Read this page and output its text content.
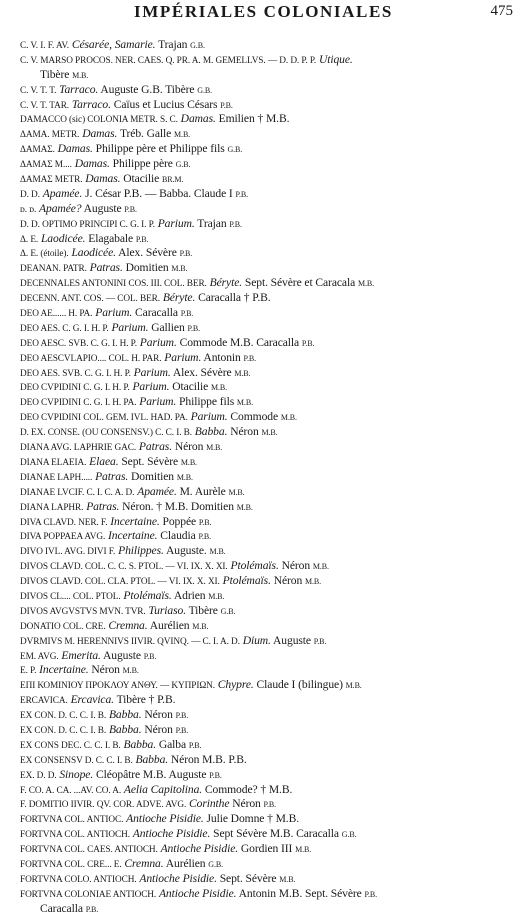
IMPÉRIALES COLONIALES	475
C. V. I. F. AV. Césarée, Samarie. Trajan G.B.
C. V. MARSO PROCOS. NER. CAES. Q. PR. A. M. GEMELLVS. — D. D. P. P. Utique.
Tibère M.B.
C. V. T. T. Tarraco. Auguste G.B. Tibère G.B.
C. V. T. TAR. Tarraco. Caïus et Lucius Césars P.B.
DAMACCO (sic) COLONIA METR. S. C. Damas. Emilien † M.B.
ΔΑΜΑ. METR. Damas. Tréb. Galle M.B.
ΔΑΜΑΣ. Damas. Philippe père et Philippe fils G.B.
ΔΑΜΑΣ M.... Damas. Philippe père G.B.
ΔΑΜΑΣ METR. Damas. Otacilie BR.M.
D. D. Apamée. J. César P.B. — Babba. Claude I P.B.
ᴅ. ᴅ. Apamée? Auguste P.B.
D. D. OPTIMO PRINCIPI C. G. I. P. Parium. Trajan P.B.
Δ. E. Laodicée. Elagabale P.B.
Δ. E. (étoile). Laodicée. Alex. Sévère P.B.
DEANAN. PATR. Patras. Domitien M.B.
DECENNALES ANTONINI COS. III. COL. BER. Béryte. Sept. Sévère et Caracala M.B.
DECENN. ANT. COS. — COL. BER. Béryte. Caracalla † P.B.
DEO AE...... H. PA. Parium. Caracalla P.B.
DEO AES. C. G. I. H. P. Parium. Gallien P.B.
DEO AESC. SVB. C. G. I. H. P. Parium. Commode M.B. Caracalla P.B.
DEO AESCVLAPIO.... COL. H. PAR. Parium. Antonin P.B.
DEO AES. SVB. C. G. I. H. P. Parium. Alex. Sévère M.B.
DEO CVPIDINI C. G. I. H. P. Parium. Otacilie M.B.
DEO CVPIDINI C. G. I. H. PA. Parium. Philippe fils M.B.
DEO CVPIDINI COL. GEM. IVL. HAD. PA. Parium. Commode M.B.
D. EX. CONSE. (OU CONSENSV.) C. C. I. B. Babba. Néron M.B.
DIANA AVG. LAPHRIE GAC. Patras. Néron M.B.
DIANA ELAEIA. Elaea. Sept. Sévère M.B.
DIANAE LAPH..... Patras. Domitien M.B.
DIANAE LVCIF. C. I. C. A. D. Apamée. M. Aurèle M.B.
DIANA LAPHR. Patras. Néron. † M.B. Domitien M.B.
DIVA CLAVD. NER. F. Incertaine. Poppée P.B.
DIVA POPPAEA AVG. Incertaine. Claudia P.B.
DIVO IVL. AVG. DIVI F. Philippes. Auguste. M.B.
DIVOS CLAVD. COL. C. C. S. PTOL. — VI. IX. X. XI. Ptolémaïs. Néron M.B.
DIVOS CLAVD. COL. CLA. PTOL. — VI. IX. X. XI. Ptolémaïs. Néron M.B.
DIVOS CL.... COL. PTOL. Ptolémaïs. Adrien M.B.
DIVOS AVGVSTVS MVN. TVR. Turiaso. Tibère G.B.
DONATIO COL. CRE. Cremna. Aurélien M.B.
DVRMIVS M. HERENNIVS IIVIR. QVINQ. — C. I. A. D. Dium. Auguste P.B.
EM. AVG. Emerita. Auguste P.B.
E. P. Incertaine. Néron M.B.
ΕΠΙ ΚΟΜΙΝΙΟΥ ΠΡΟΚΛΟΥ ΑΝΘΥ. — ΚΥΠΡΙΩΝ. Chypre. Claude I (bilingue) M.B.
ERCAVICA. Ercavica. Tibère † P.B.
EX CON. D. C. C. I. B. Babba. Néron P.B.
EX CON. D. C. C. I. B. Babba. Néron P.B.
EX CONS DEC. C. C. I. B. Babba. Galba P.B.
EX CONSENSV D. C. C. I. B. Babba. Néron M.B. P.B.
EX. D. D. Sinope. Cléopâtre M.B. Auguste P.B.
F. CO. A. CA. ...AV. CO. A. Aelia Capitolina. Commode? † M.B.
F. DOMITIO IIVIR. QV. COR. ADVE. AVG. Corinthe Néron P.B.
FORTVNA COL. ANTIOC. Antioche Pisidie. Julie Domne † M.B.
FORTVNA COL. ANTIOCH. Antioche Pisidie. Sept Sévère M.B. Caracalla G.B.
FORTVNA COL. CAES. ANTIOCH. Antioche Pisidie. Gordien III M.B.
FORTVNA COL. CRE... E. Cremna. Aurélien G.B.
FORTVNA COLO. ANTIOCH. Antioche Pisidie. Sept. Sévère M.B.
FORTVNA COLONIAE ANTIOCH. Antioche Pisidie. Antonin M.B. Sept. Sévère P.B.
Caracalla P.B.
